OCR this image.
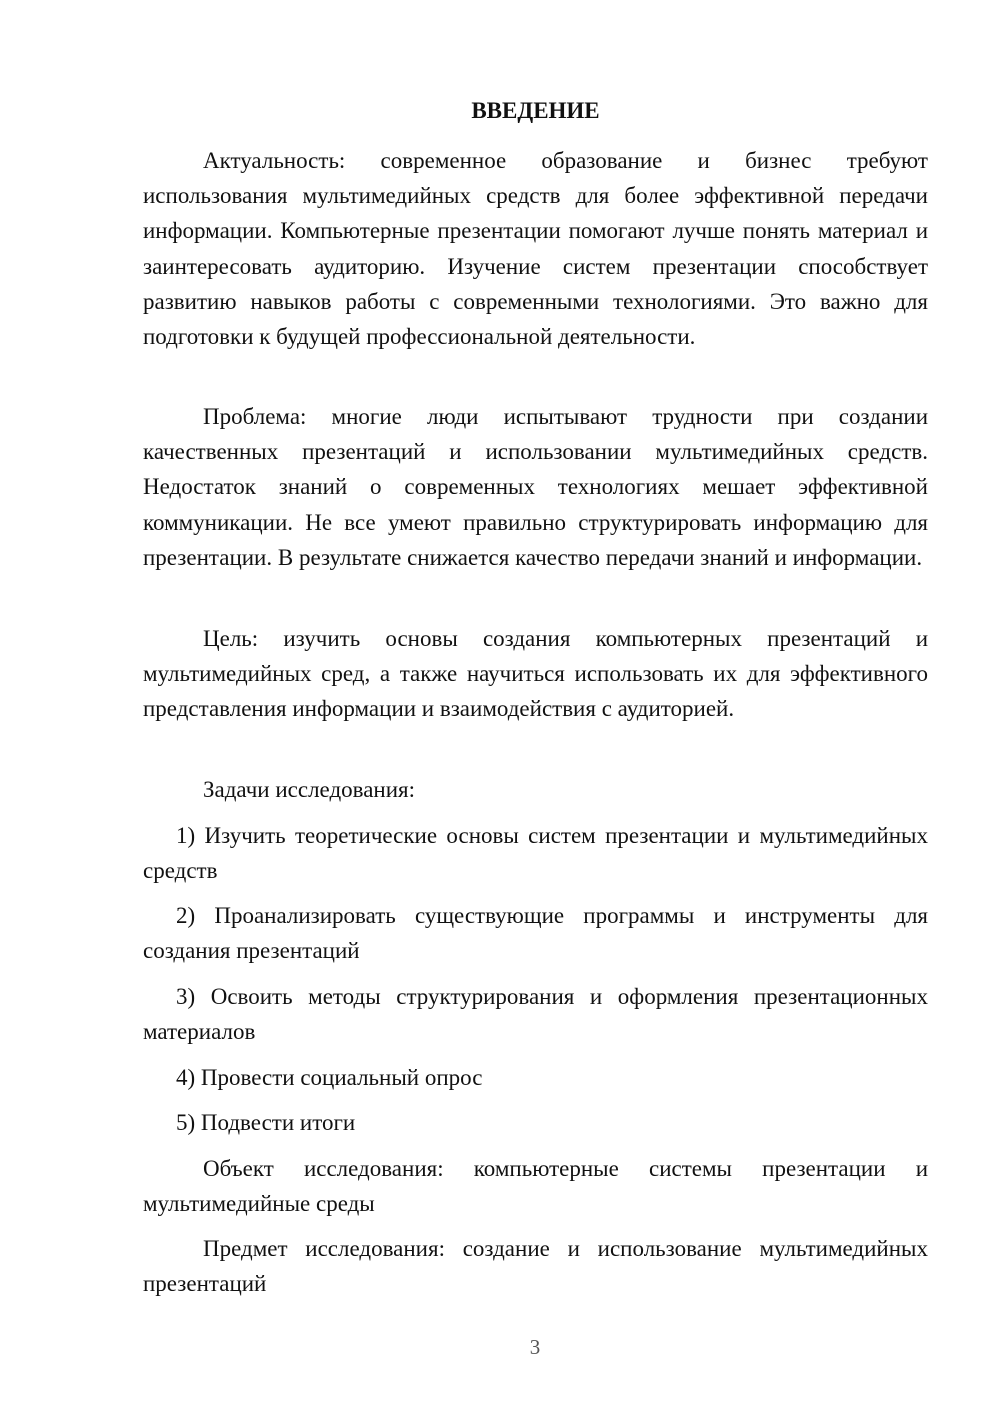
ВВЕДЕНИЕ

Актуальность: современное образование и бизнес требуют использования мультимедийных средств для более эффективной передачи информации. Компьютерные презентации помогают лучше понять материал и заинтересовать аудиторию. Изучение систем презентации способствует развитию навыков работы с современными технологиями. Это важно для подготовки к будущей профессиональной деятельности.

Проблема: многие люди испытывают трудности при создании качественных презентаций и использовании мультимедийных средств. Недостаток знаний о современных технологиях мешает эффективной коммуникации. Не все умеют правильно структурировать информацию для презентации. В результате снижается качество передачи знаний и информации.

Цель: изучить основы создания компьютерных презентаций и мультимедийных сред, а также научиться использовать их для эффективного представления информации и взаимодействия с аудиторией.

Задачи исследования:

1) Изучить теоретические основы систем презентации и мультимедийных средств

2) Проанализировать существующие программы и инструменты для создания презентаций

3) Освоить методы структурирования и оформления презентационных материалов

4) Провести социальный опрос

5) Подвести итоги

Объект исследования: компьютерные системы презентации и мультимедийные среды

Предмет исследования: создание и использование мультимедийных презентаций

3
